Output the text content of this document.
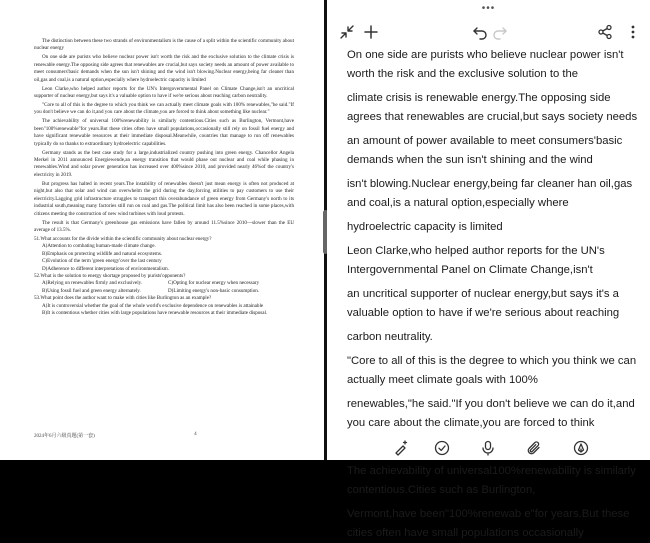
The distinction between these two strands of environmentalism is the cause of a split within the scientific community about nuclear energy

On one side are purists who believe nuclear power isn't worth the risk and the exclusive solution to the climate crisis is renewable energy.The opposing side agrees that renewables are crucial,but says society needs an amount of power available to meet consumers'basic demands when the sun isn't shining and the wind isn't blowing.Nuclear energy,being far cleaner than oil,gas and coal,is a natural option,especially where hydroelectric capacity is limited

Leon Clarke,who helped author reports for the UN's Intergovernmental Panel on Climate Change,isn't an uncritical supporter of nuclear energy,but says it's a valuable option to have if we're serious about reaching carbon neutrality.

"Core to all of this is the degree to which you think we can actually meet climate goals with 100% renewables,"he said."If you don't believe we can do it,and you care about the climate,you are forced to think about something like nuclear."

The achievability of universal 100%renewability is similarly contentious.Cities such as Burlington, Vermont,have been"100%renewable"for years.But these cities often have small populations,occasionally still rely on fossil fuel energy and have significant renewable resources at their immediate disposal.Meanwhile, countries that manage to run off renewables typically do so thanks to extraordinary hydroelectric capabilities.

Germany stands as the best case study for a large,industrialized country pushing into green energy. Chancellor Angela Merkel in 2011 announced Energiewende,an energy transition that would phase out nuclear and coal while phasing in renewables.Wind and solar power generation has increased over 400%since 2010, and provided nearly 46%of the country's electricity in 2019.

But progress has halted in recent years.The instability of renewables doesn't just mean energy is often not produced at night,but also that solar and wind can overwhelm the grid during the day,forcing utilities to pay customers to use their electricity.Lagging grid infrastructure struggles to transport this overabundance of green energy from Germany's north to its industrial south,meaning many factories still run on coal and gas.The political limit has also been reached in some places,with citizens meeting the construction of new wind turbines with loud protests.

The result is that Germany's greenhouse gas emissions have fallen by around 11.5%since 2010—slower than the EU average of 13.5%.

51.What accounts for the divide within the scientific community about nuclear energy?

A)Attention to combating human-made climate change.

B)Emphasis on protecting wildlife and natural ecosystems.

C)Evolution of the term 'green energy'over the last century

D)Adherence to different interpretations of environmentalism.

52.What is the solution to energy shortage proposed by purists'opponents?

A)Relying on renewables firmly and exclusively.	C)Opting for nuclear energy when necessary
B)Using fossil fuel and green energy alternately.	D)Limiting energy's non-basic consumption.

53.What point does the author want to make with cities like Burlington as an example?

A)It is controversial whether the goal of the whole world's exclusive dependence on renewables is attainable

B)It is contentious whether cities with large populations have renewable resources at their immediate disposal.

2024年6月六级真题(第一套)	4
•••

On one side are purists who believe nuclear power isn't worth the risk and the exclusive solution to the

climate crisis is renewable energy.The opposing side agrees that renewables are crucial,but says society needs

an amount of power available to meet consumers'basic demands when the sun isn't shining and the wind

isn't blowing.Nuclear energy,being far cleaner han oil,gas and coal,is a natural option,especially where

hydroelectric capacity is limited

Leon Clarke,who helped author reports for the UN's Intergovernmental Panel on Climate Change,isn't

an uncritical supporter of nuclear energy,but says it's a valuable option to have if we're serious about reaching

carbon neutrality.

"Core to all of this is the degree to which you think we can actually meet climate goals with 100%

renewables,"he said."If you don't believe we can do it,and you care about the climate,you are forced to think

The achievability of universal100%renewability is similarly contentious.Cities such as Burlington,

Vermont,have been"100%renewab e"for years.But these cities often have small populations occasionally
